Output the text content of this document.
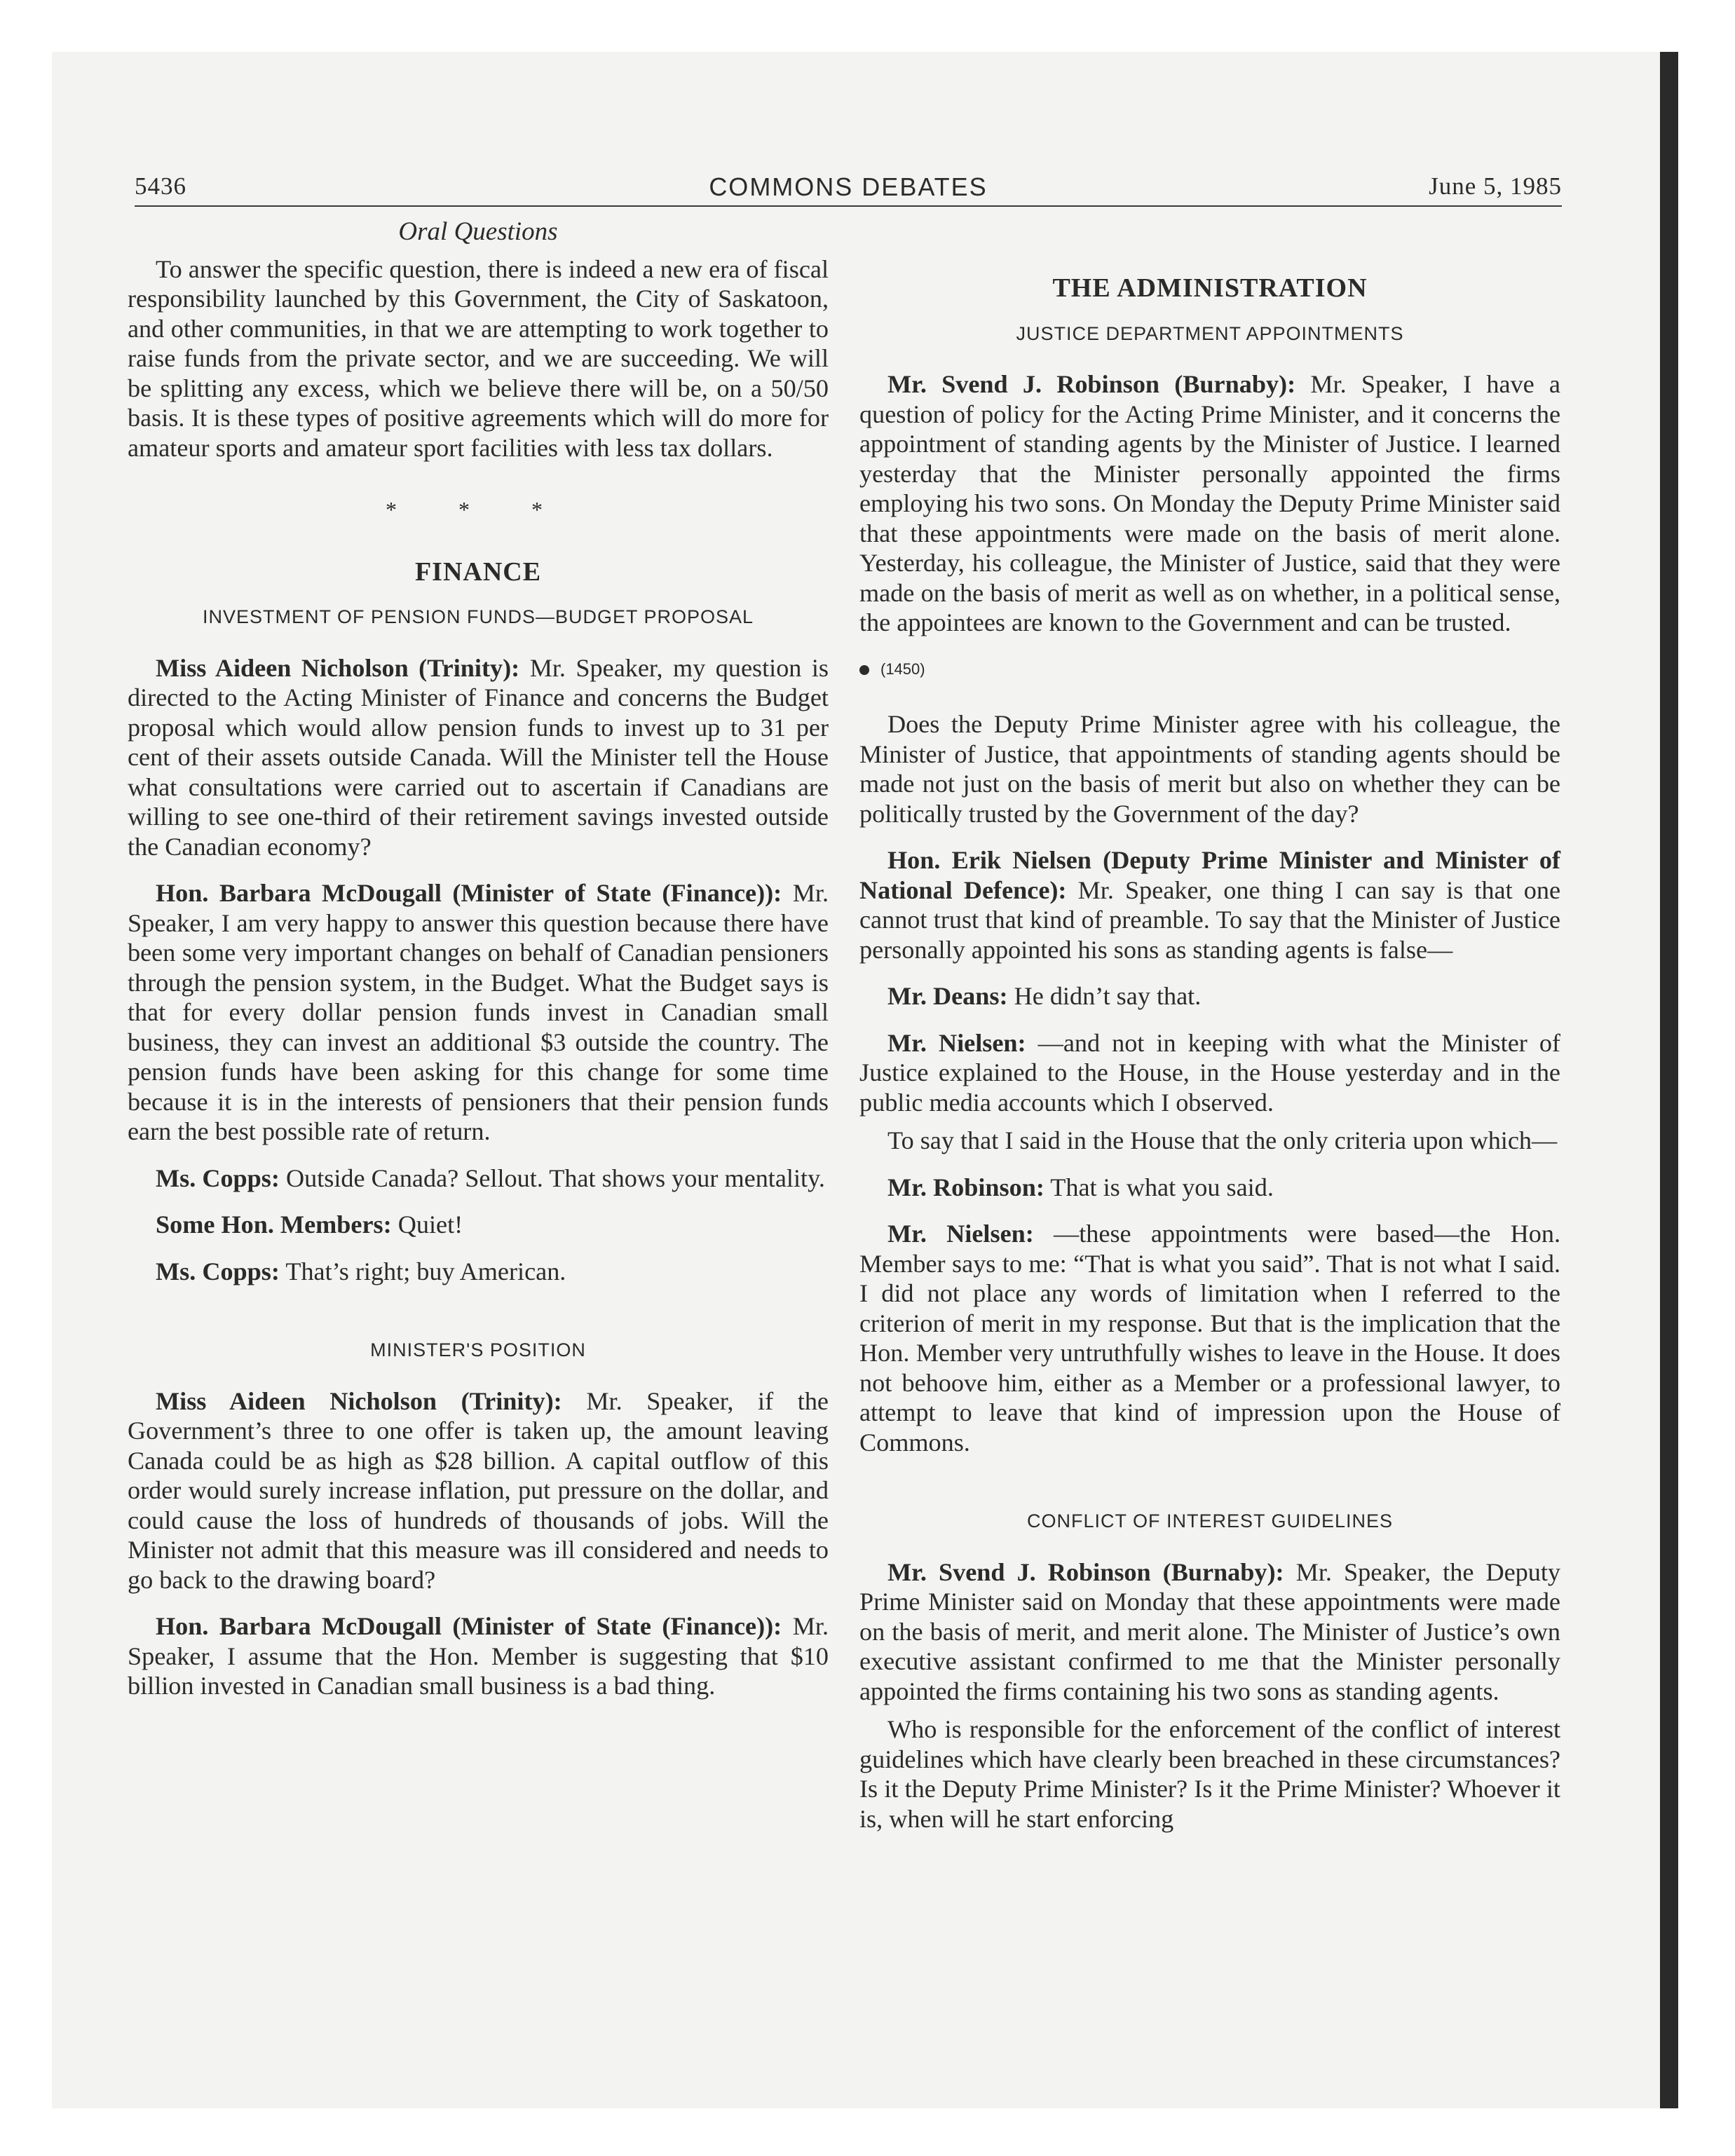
5436	COMMONS DEBATES	June 5, 1985
Oral Questions

To answer the specific question, there is indeed a new era of fiscal responsibility launched by this Government, the City of Saskatoon, and other communities, in that we are attempting to work together to raise funds from the private sector, and we are succeeding. We will be splitting any excess, which we believe there will be, on a 50/50 basis. It is these types of positive agreements which will do more for amateur sports and amateur sport facilities with less tax dollars.

* * *
FINANCE
INVESTMENT OF PENSION FUNDS—BUDGET PROPOSAL

Miss Aideen Nicholson (Trinity): Mr. Speaker, my question is directed to the Acting Minister of Finance and concerns the Budget proposal which would allow pension funds to invest up to 31 per cent of their assets outside Canada. Will the Minister tell the House what consultations were carried out to ascertain if Canadians are willing to see one-third of their retirement savings invested outside the Canadian economy?

Hon. Barbara McDougall (Minister of State (Finance)): Mr. Speaker, I am very happy to answer this question because there have been some very important changes on behalf of Canadian pensioners through the pension system, in the Budget. What the Budget says is that for every dollar pension funds invest in Canadian small business, they can invest an additional $3 outside the country. The pension funds have been asking for this change for some time because it is in the interests of pensioners that their pension funds earn the best possible rate of return.

Ms. Copps: Outside Canada? Sellout. That shows your mentality.

Some Hon. Members: Quiet!

Ms. Copps: That’s right; buy American.

MINISTER'S POSITION

Miss Aideen Nicholson (Trinity): Mr. Speaker, if the Government’s three to one offer is taken up, the amount leaving Canada could be as high as $28 billion. A capital outflow of this order would surely increase inflation, put pressure on the dollar, and could cause the loss of hundreds of thousands of jobs. Will the Minister not admit that this measure was ill considered and needs to go back to the drawing board?

Hon. Barbara McDougall (Minister of State (Finance)): Mr. Speaker, I assume that the Hon. Member is suggesting that $10 billion invested in Canadian small business is a bad thing.

THE ADMINISTRATION
JUSTICE DEPARTMENT APPOINTMENTS

Mr. Svend J. Robinson (Burnaby): Mr. Speaker, I have a question of policy for the Acting Prime Minister, and it concerns the appointment of standing agents by the Minister of Justice. I learned yesterday that the Minister personally appointed the firms employing his two sons. On Monday the Deputy Prime Minister said that these appointments were made on the basis of merit alone. Yesterday, his colleague, the Minister of Justice, said that they were made on the basis of merit as well as on whether, in a political sense, the appointees are known to the Government and can be trusted.

(1450)

Does the Deputy Prime Minister agree with his colleague, the Minister of Justice, that appointments of standing agents should be made not just on the basis of merit but also on whether they can be politically trusted by the Government of the day?

Hon. Erik Nielsen (Deputy Prime Minister and Minister of National Defence): Mr. Speaker, one thing I can say is that one cannot trust that kind of preamble. To say that the Minister of Justice personally appointed his sons as standing agents is false—

Mr. Deans: He didn’t say that.

Mr. Nielsen: —and not in keeping with what the Minister of Justice explained to the House, in the House yesterday and in the public media accounts which I observed.

To say that I said in the House that the only criteria upon which—

Mr. Robinson: That is what you said.

Mr. Nielsen: —these appointments were based—the Hon. Member says to me: “That is what you said”. That is not what I said. I did not place any words of limitation when I referred to the criterion of merit in my response. But that is the implication that the Hon. Member very untruthfully wishes to leave in the House. It does not behoove him, either as a Member or a professional lawyer, to attempt to leave that kind of impression upon the House of Commons.

CONFLICT OF INTEREST GUIDELINES

Mr. Svend J. Robinson (Burnaby): Mr. Speaker, the Deputy Prime Minister said on Monday that these appointments were made on the basis of merit, and merit alone. The Minister of Justice’s own executive assistant confirmed to me that the Minister personally appointed the firms containing his two sons as standing agents.

Who is responsible for the enforcement of the conflict of interest guidelines which have clearly been breached in these circumstances? Is it the Deputy Prime Minister? Is it the Prime Minister? Whoever it is, when will he start enforcing
